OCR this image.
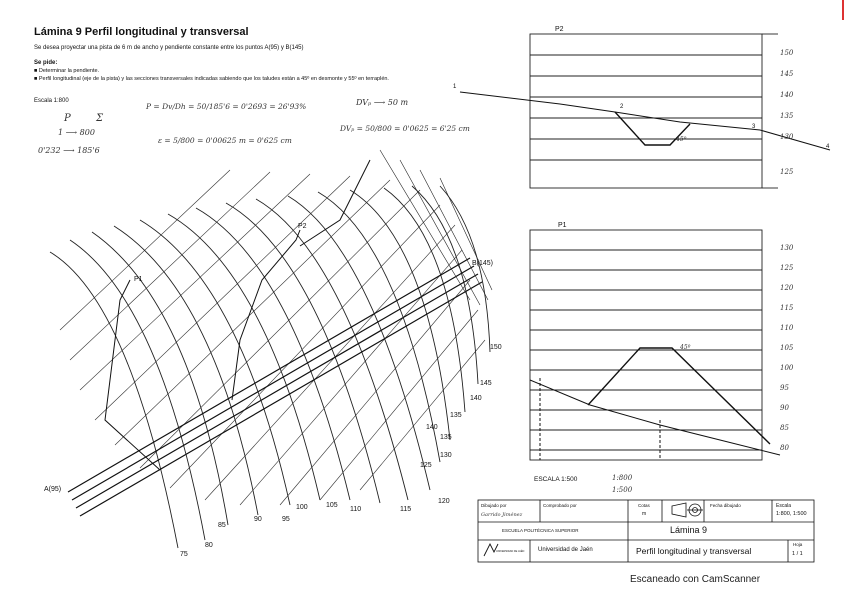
Lámina 9 Perfil longitudinal y transversal
Se desea proyectar una pista de 6 m de ancho y pendiente constante entre los puntos A(95) y B(145)
Se pide:
■ Determinar la pendiente.
■ Perfil longitudinal (eje de la pista) y las secciones transversales indicadas sabiendo que los taludes están a 45º en desmonte y 55º en terraplén.
Escala 1:800
P	Σ
1 ⟶ 800
0'232 ⟶ 185'6
P = Dv/Dh = 50/185'6 = 0'2693 = 26'93%
ε = 5/800 = 0'00625 m = 0'625 cm
DVₚ ⟶ 50 m
DVₚ = 50/800 = 0'0625 = 6'25 cm
P1
P2
A(95)
B(145)
75
80
85
90	95
100	105
110	115
120
125
130
135
140
145
150
140
135
P2
150
145
140
135
130
125
45º
1
2
3
4
P1
130
125
120
115
110
105
100
95
90
85
80
45º
ESCALA 1:500	1:800
1:500
Dibujado por
Garrido Jiménez
Comprobado por	Cotas
m
Fecha dibujado	Escala
1:800, 1:500
ESCUELA POLITÉCNICA SUPERIOR
UNIVERSIDAD DE JAÉN Universidad de Jaén
Lámina 9
Perfil longitudinal y transversal
Hoja
1 / 1
Escaneado con CamScanner
